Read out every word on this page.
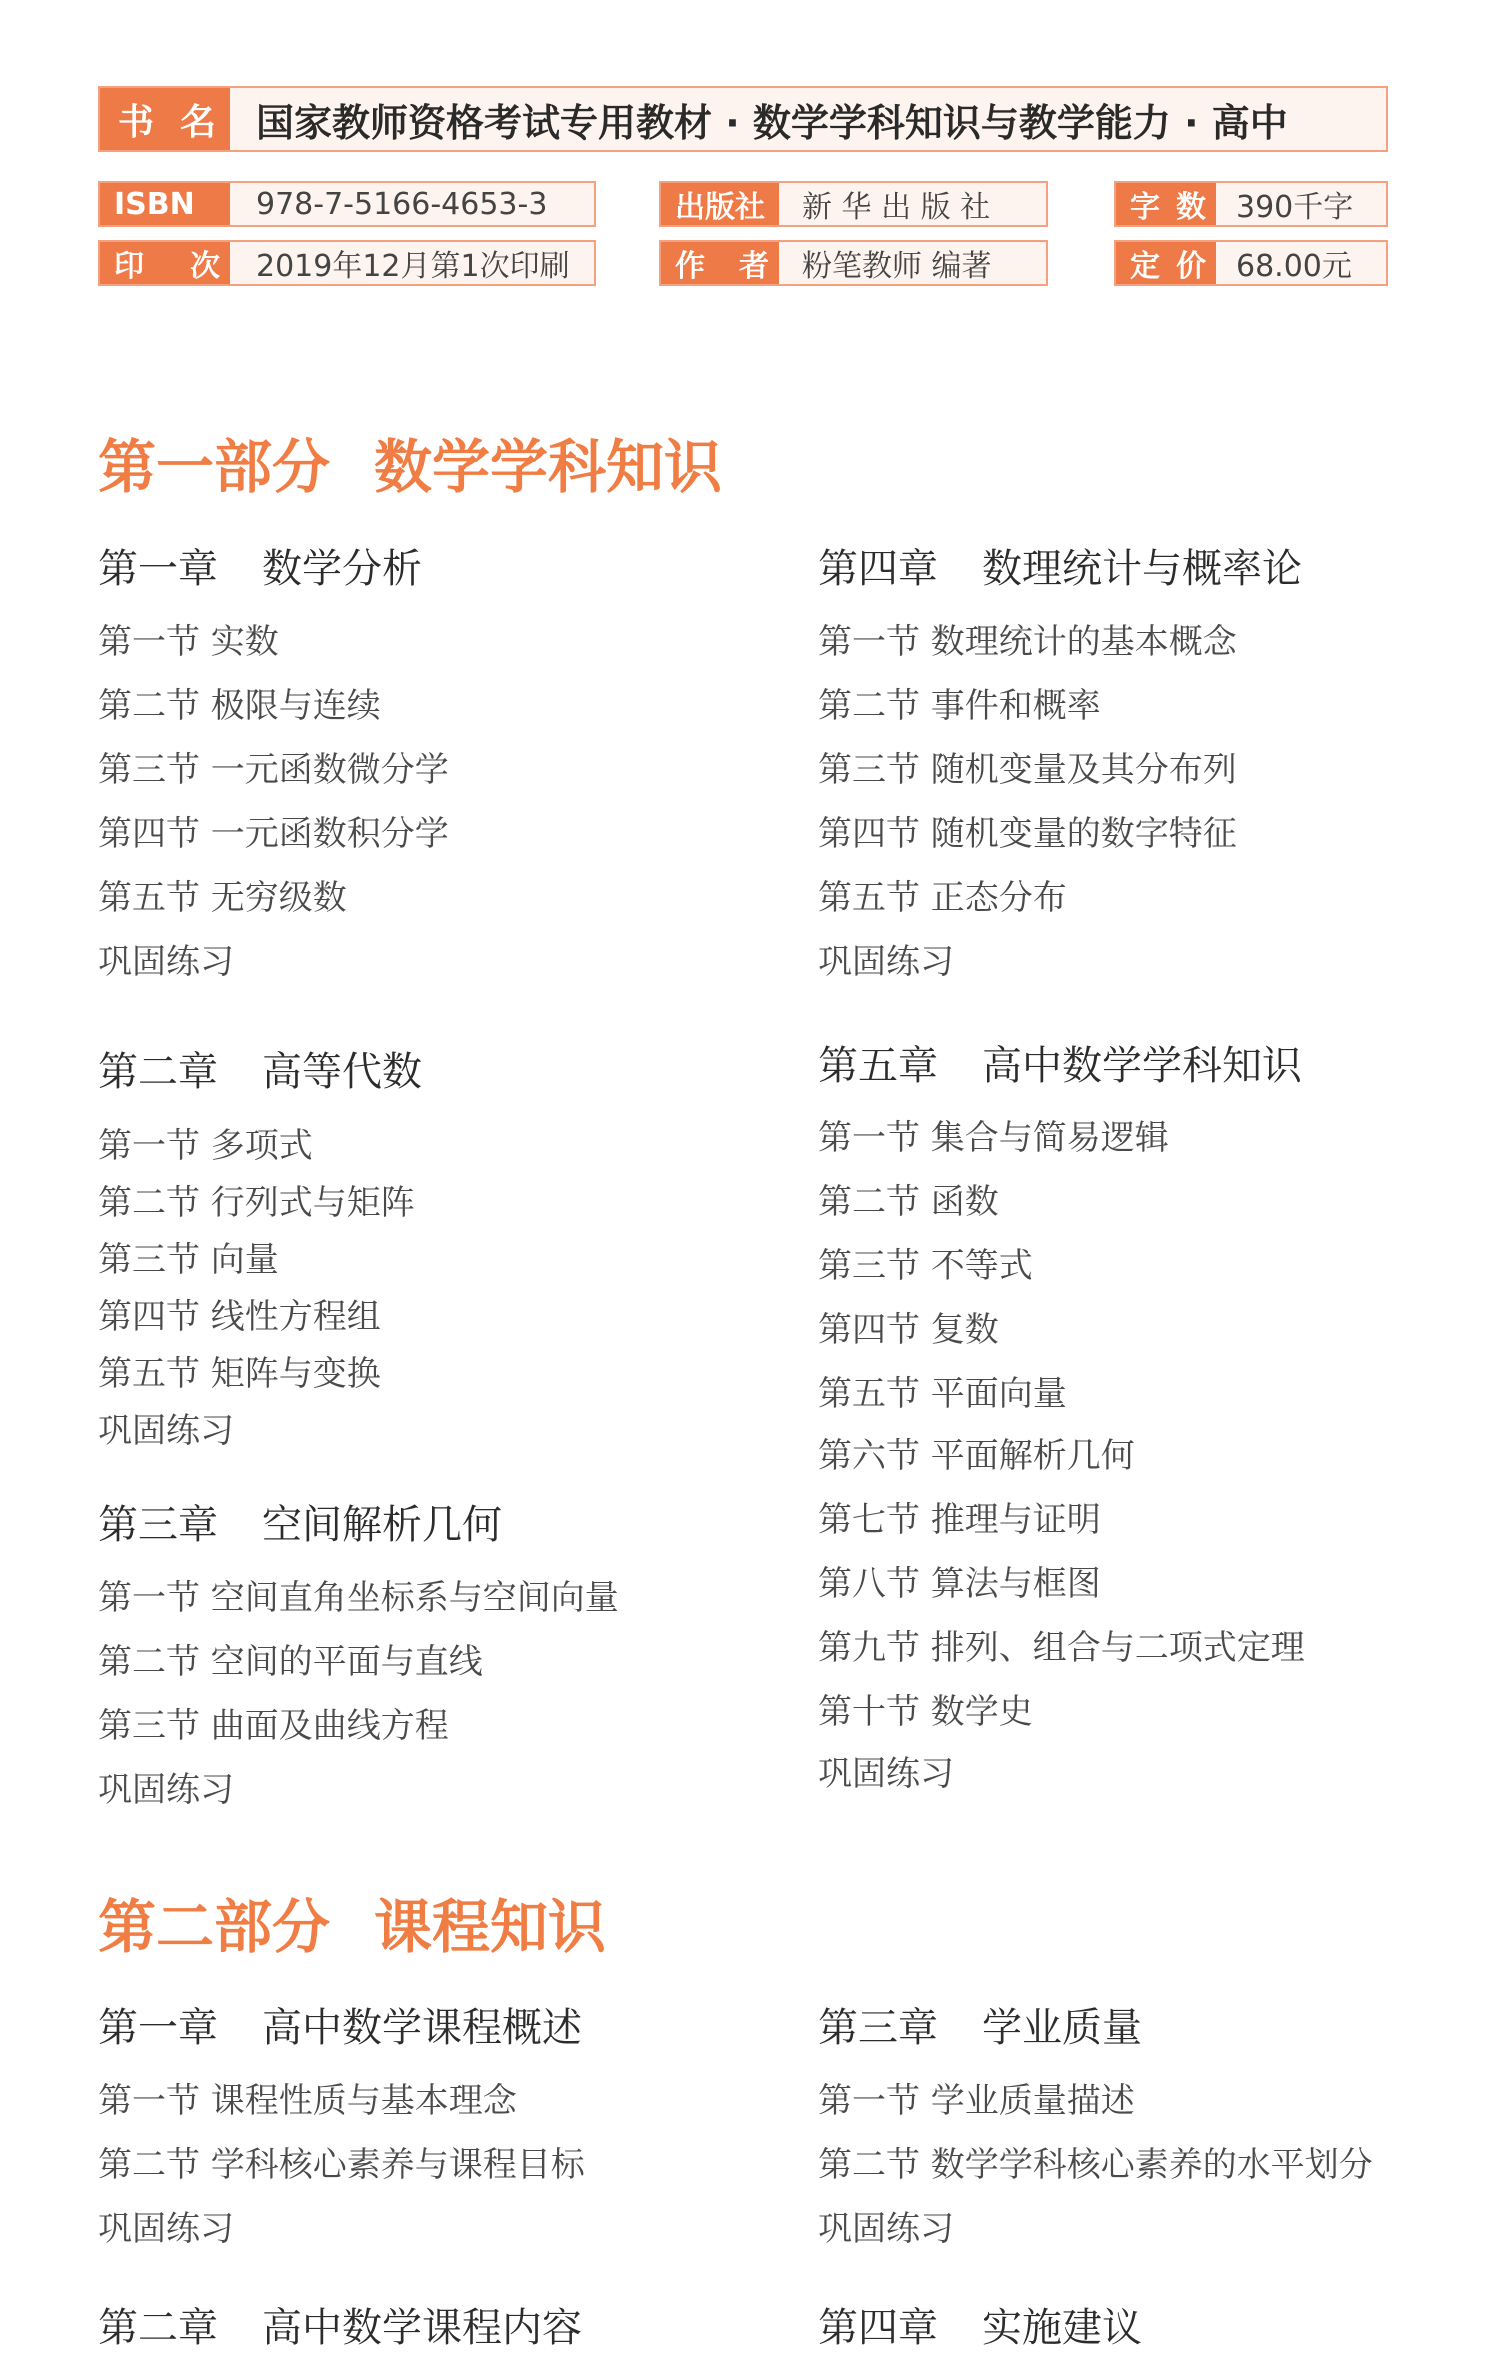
书 名 国家教师资格考试专用教材 · 数学学科知识与教学能力 · 高中
ISBN 978-7-5166-4653-3	出版社 新 华 出 版 社	字 数 390千字
印 次 2019年12月第1次印刷	作 者 粉笔教师 编著	定 价 68.00元
第一部分 数学学科知识
第一章 数学分析
第一节 实数
第二节 极限与连续
第三节 一元函数微分学
第四节 一元函数积分学
第五节 无穷级数
巩固练习
第四章 数理统计与概率论
第一节 数理统计的基本概念
第二节 事件和概率
第三节 随机变量及其分布列
第四节 随机变量的数字特征
第五节 正态分布
巩固练习
第二章 高等代数
第一节 多项式
第二节 行列式与矩阵
第三节 向量
第四节 线性方程组
第五节 矩阵与变换
巩固练习
第五章 高中数学学科知识
第一节 集合与简易逻辑
第二节 函数
第三节 不等式
第四节 复数
第五节 平面向量
第六节 平面解析几何
第七节 推理与证明
第八节 算法与框图
第九节 排列、组合与二项式定理
第十节 数学史
巩固练习
第三章 空间解析几何
第一节 空间直角坐标系与空间向量
第二节 空间的平面与直线
第三节 曲面及曲线方程
巩固练习
第二部分 课程知识
第一章 高中数学课程概述
第一节 课程性质与基本理念
第二节 学科核心素养与课程目标
巩固练习
第三章 学业质量
第一节 学业质量描述
第二节 数学学科核心素养的水平划分
巩固练习
第二章 高中数学课程内容	第四章 实施建议
